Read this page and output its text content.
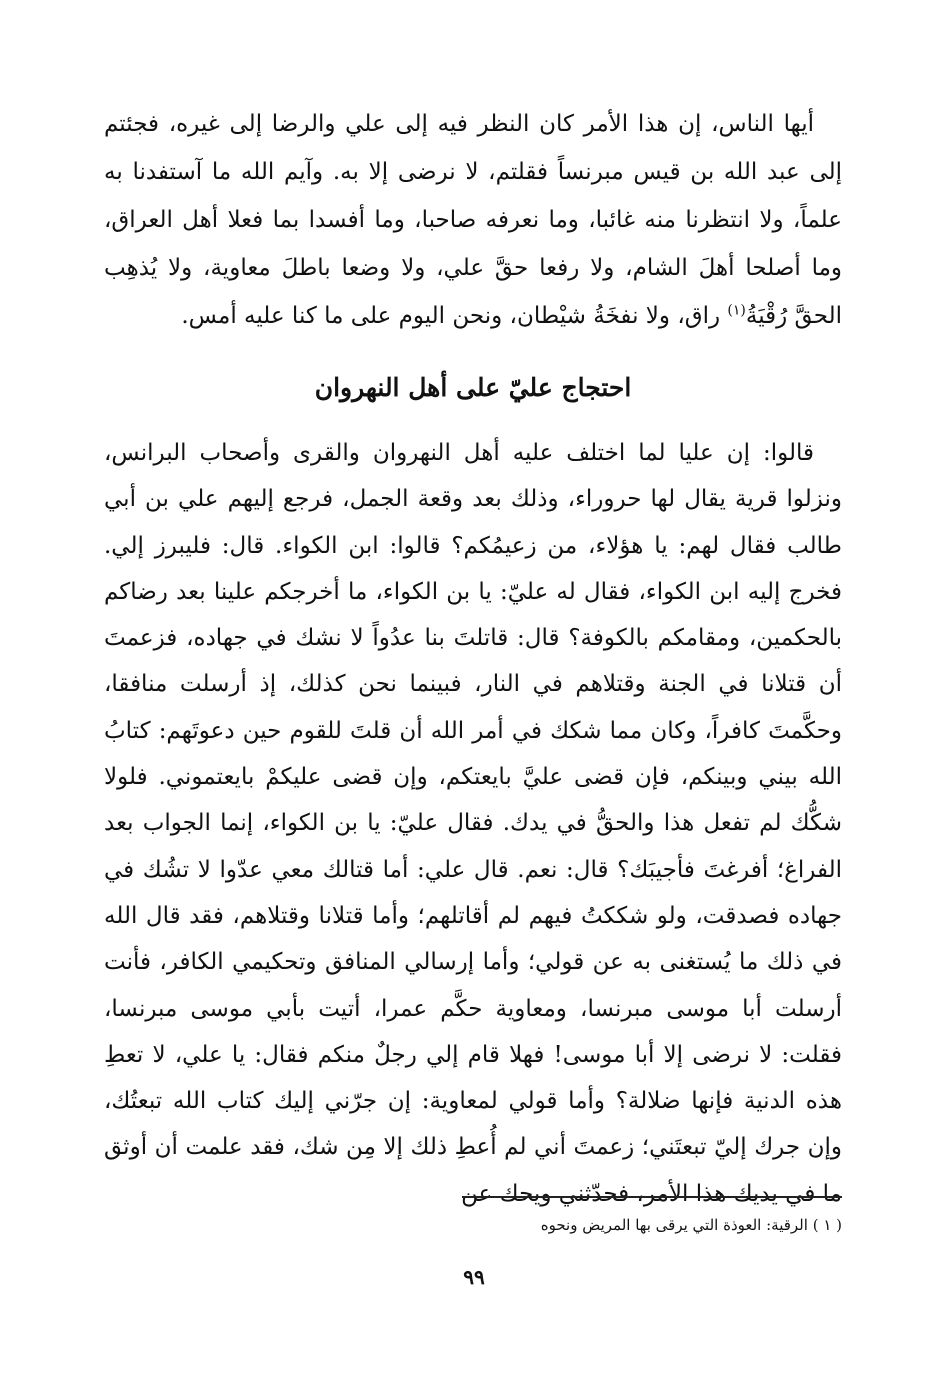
أيها الناس، إن هذا الأمر كان النظر فيه إلى علي والرضا إلى غيره، فجئتم إلى عبد الله بن قيس مبرنساً فقلتم، لا نرضى إلا به. وآيم الله ما آستفدنا به علماً، ولا انتظرنا منه غائبا، وما نعرفه صاحبا، وما أفسدا بما فعلا أهل العراق، وما أصلحا أهلَ الشام، ولا رفعا حقَّ علي، ولا وضعا باطلَ معاوية، ولا يُذهِب الحقَّ رُقْيَةُ$^{(١)}$ راق، ولا نفخَةُ شيْطان، ونحن اليوم على ما كنا عليه أمس.

احتجاج عليّ على أهل النهروان

قالوا: إن عليا لما اختلف عليه أهل النهروان والقرى وأصحاب البرانس، ونزلوا قرية يقال لها حروراء، وذلك بعد وقعة الجمل، فرجع إليهم علي بن أبي طالب فقال لهم: يا هؤلاء، من زعيمُكم؟ قالوا: ابن الكواء. قال: فليبرز إلي. فخرج إليه ابن الكواء، فقال له عليّ: يا بن الكواء، ما أخرجكم علينا بعد رضاكم بالحكمين، ومقامكم بالكوفة؟ قال: قاتلتَ بنا عدُواً لا نشك في جهاده، فزعمتَ أن قتلانا في الجنة وقتلاهم في النار، فبينما نحن كذلك، إذ أرسلت منافقا، وحكَّمتَ كافراً، وكان مما شكك في أمر الله أن قلتَ للقوم حين دعوتَهم: كتابُ الله بيني وبينكم، فإن قضى عليَّ بايعتكم، وإن قضى عليكمْ بايعتموني. فلولا شكُّك لم تفعل هذا والحقُّ في يدك. فقال عليّ: يا بن الكواء، إنما الجواب بعد الفراغ؛ أفرغتَ فأجيبَك؟ قال: نعم. قال علي: أما قتالك معي عدّوا لا تشُك في جهاده فصدقت، ولو شككتُ فيهم لم أقاتلهم؛ وأما قتلانا وقتلاهم، فقد قال الله في ذلك ما يُستغنى به عن قولي؛ وأما إرسالي المنافق وتحكيمي الكافر، فأنت أرسلت أبا موسى مبرنسا، ومعاوية حكَّم عمرا، أتيت بأبي موسى مبرنسا، فقلت: لا نرضى إلا أبا موسى! فهلا قام إلي رجلٌ منكم فقال: يا علي، لا تعطِ هذه الدنية فإنها ضلالة؟ وأما قولي لمعاوية: إن جرّني إليك كتاب الله تبعتُك، وإن جرك إليّ تبعتَني؛ زعمتَ أني لم أُعطِ ذلك إلا مِن شك، فقد علمت أن أوثق ما في يديك هذا الأمر، فحدّثني ويحك عن

( ١ ) الرقية: العوذة التي يرقى بها المريض ونحوه
٩٩
